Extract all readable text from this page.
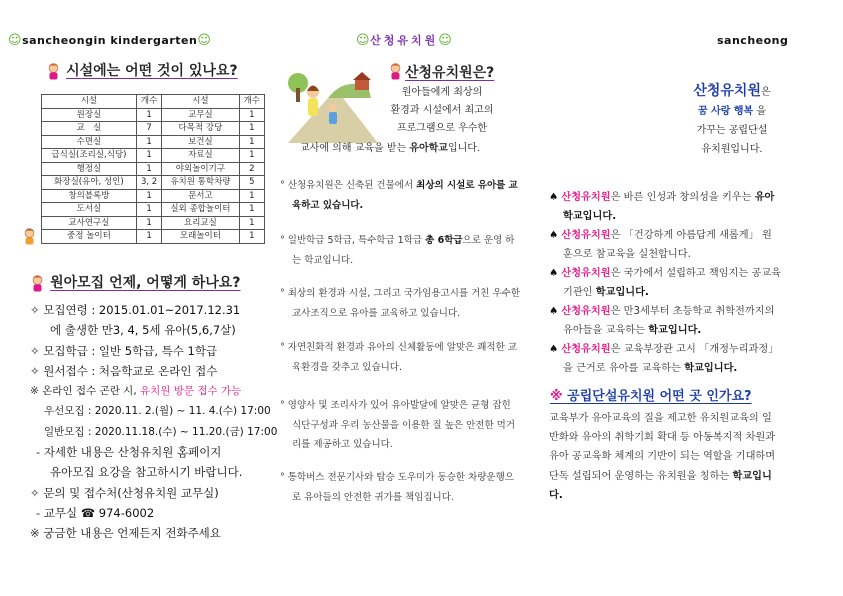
☺sancheongin kindergarten☺	☺산청유치원☺	sancheong
시설에는 어떤 것이 있나요?
시설	개수	시설	개수
원장실	1	교무실	1
교　실	7	다목적 강당	1
수면실	1	보건실	1
급식실(조리실,식당)	1	자료실	1
행정실	1	야외놀이기구	2
화장실(유아, 성인)	3, 2	유치원 통학차량	5
창의블록방	1	문서고	1
도서실	1	실외 종합놀이터	1
교사연구실	1	요리교실	1
중정 놀이터	1	모래놀이터	1
원아모집 언제, 어떻게 하나요?
✧ 모집연령 : 2015.01.01~2017.12.31
에 출생한 만3, 4, 5세 유아(5,6,7살)
✧ 모집학급 : 일반 5학급, 특수 1학급
✧ 원서접수 : 처음학교로 온라인 접수
※ 온라인 접수 곤란 시, 유치원 방문 접수 가능
우선모집 : 2020.11. 2.(월) ~ 11. 4.(수) 17:00
일반모집 : 2020.11.18.(수) ~ 11.20.(금) 17:00
- 자세한 내용은 산청유치원 홈페이지
유아모집 요강을 참고하시기 바랍니다.
✧ 문의 및 접수처(산청유치원 교무실)
- 교무실 ☎ 974-6002
※ 궁금한 내용은 언제든지 전화주세요
산청유치원은?
원아들에게 최상의
환경과 시설에서 최고의
프로그램으로 우수한
교사에 의해 교육을 받는 유아학교입니다.
° 산청유치원은 신축된 건물에서 최상의 시설로 유아를 교육하고 있습니다.
° 일반학급 5학급, 특수학급 1학급 총 6학급으로 운영 하는 학교입니다.
° 최상의 환경과 시설, 그리고 국가임용고시를 거친 우수한 교사조직으로 유아를 교육하고 있습니다.
° 자연친화적 환경과 유아의 신체활동에 알맞은 쾌적한 교육환경을 갖추고 있습니다.
° 영양사 및 조리사가 있어 유아발달에 알맞은 균형 잡힌 식단구성과 우리 농산물을 이용한 질 높은 안전한 먹거리를 제공하고 있습니다.
° 통학버스 전문기사와 탑승 도우미가 동승한 차량운행으로 유아들의 안전한 귀가를 책임집니다.
산청유치원은
꿈 사랑 행복 을
가꾸는 공립단설
유치원입니다.
♠ 산청유치원은 바른 인성과 창의성을 키우는 유아학교입니다.
♠ 산청유치원은 「건강하게 아름답게 새롭게」 원훈으로 참교육을 실천합니다.
♠ 산청유치원은 국가에서 설립하고 책임지는 공교육기관인 학교입니다.
♠ 산청유치원은 만3세부터 초등학교 취학전까지의 유아들을 교육하는 학교입니다.
♠ 산청유치원은 교육부장관 고시 「개정누리과정」을 근거로 유아를 교육하는 학교입니다.
※ 공립단설유치원 어떤 곳 인가요?
교육부가 유아교육의 질을 제고한 유치원교육의 일반화와 유아의 취학기회 확대 등 아동복지적 차원과 유아 공교육화 체계의 기반이 되는 역할을 기대하며 단독 설립되어 운영하는 유치원을 칭하는 학교입니다.
